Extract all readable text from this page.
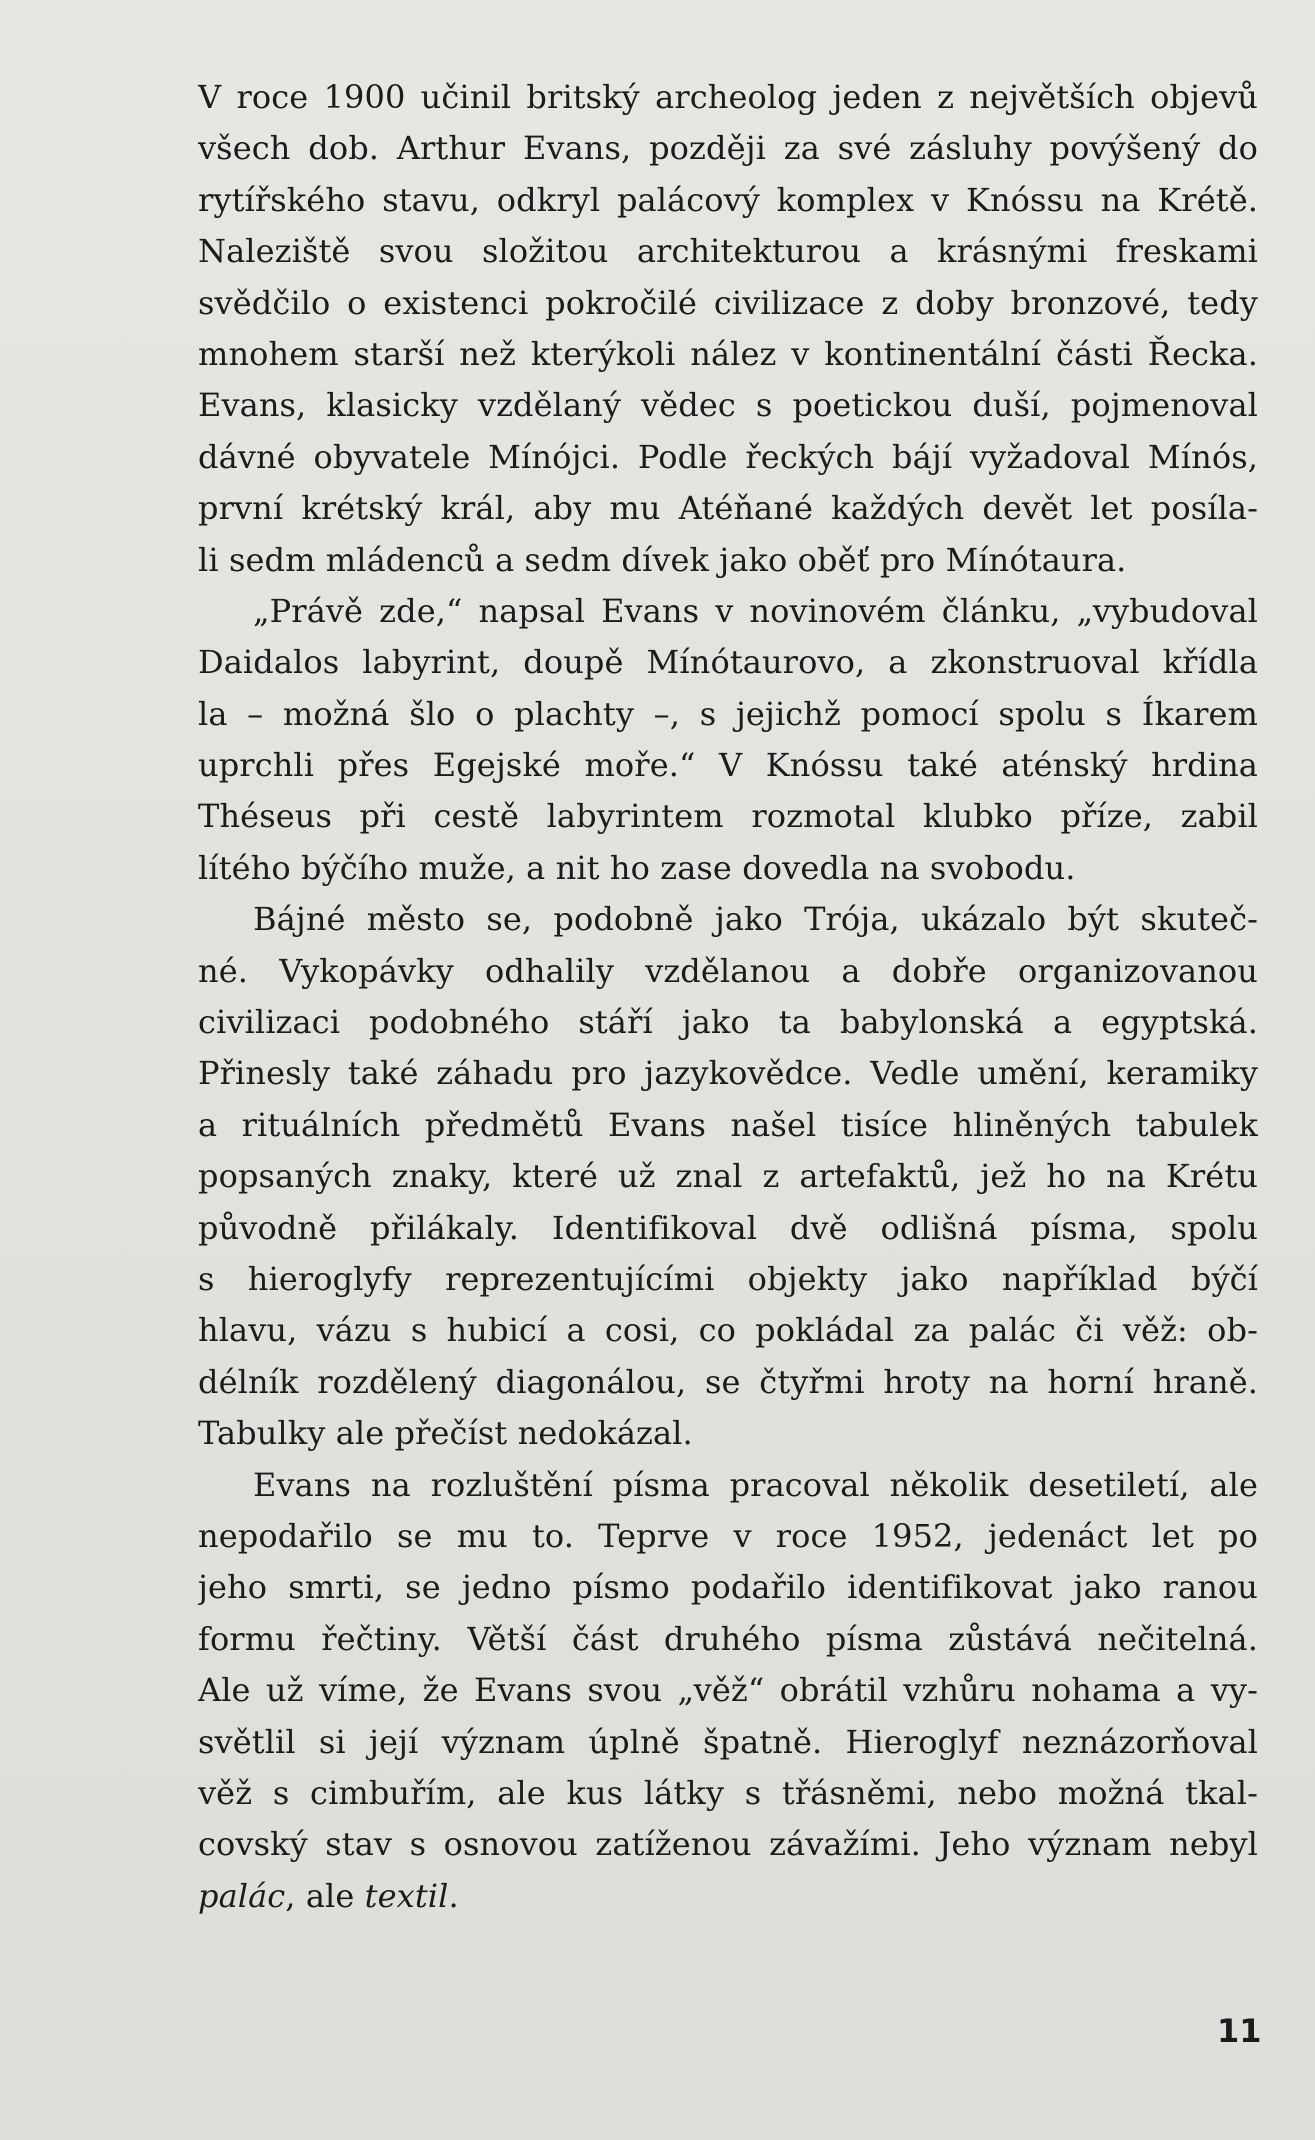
V roce 1900 učinil britský archeolog jeden z největších objevů
všech dob. Arthur Evans, později za své zásluhy povýšený do
rytířského stavu, odkryl palácový komplex v Knóssu na Krétě.
Naleziště svou složitou architekturou a krásnými freskami
svědčilo o existenci pokročilé civilizace z doby bronzové, tedy
mnohem starší než kterýkoli nález v kontinentální části Řecka.
Evans, klasicky vzdělaný vědec s poetickou duší, pojmenoval
dávné obyvatele Mínójci. Podle řeckých bájí vyžadoval Mínós,
první krétský král, aby mu Atéňané každých devět let posíla-
li sedm mládenců a sedm dívek jako oběť pro Mínótaura.
„Právě zde,“ napsal Evans v novinovém článku, „vybudoval
Daidalos labyrint, doupě Mínótaurovo, a zkonstruoval křídla
la – možná šlo o plachty –, s jejichž pomocí spolu s Íkarem
uprchli přes Egejské moře.“ V Knóssu také aténský hrdina
Théseus při cestě labyrintem rozmotal klubko příze, zabil
lítého býčího muže, a nit ho zase dovedla na svobodu.
Bájné město se, podobně jako Trója, ukázalo být skuteč-
né. Vykopávky odhalily vzdělanou a dobře organizovanou
civilizaci podobného stáří jako ta babylonská a egyptská.
Přinesly také záhadu pro jazykovědce. Vedle umění, keramiky
a rituálních předmětů Evans našel tisíce hliněných tabulek
popsaných znaky, které už znal z artefaktů, jež ho na Krétu
původně přilákaly. Identifikoval dvě odlišná písma, spolu
s hieroglyfy reprezentujícími objekty jako například býčí
hlavu, vázu s hubicí a cosi, co pokládal za palác či věž: ob-
délník rozdělený diagonálou, se čtyřmi hroty na horní hraně.
Tabulky ale přečíst nedokázal.
Evans na rozluštění písma pracoval několik desetiletí, ale
nepodařilo se mu to. Teprve v roce 1952, jedenáct let po
jeho smrti, se jedno písmo podařilo identifikovat jako ranou
formu řečtiny. Větší část druhého písma zůstává nečitelná.
Ale už víme, že Evans svou „věž“ obrátil vzhůru nohama a vy-
světlil si její význam úplně špatně. Hieroglyf neznázorňoval
věž s cimbuřím, ale kus látky s třásněmi, nebo možná tkal-
covský stav s osnovou zatíženou závažími. Jeho význam nebyl
palác, ale textil.
11
